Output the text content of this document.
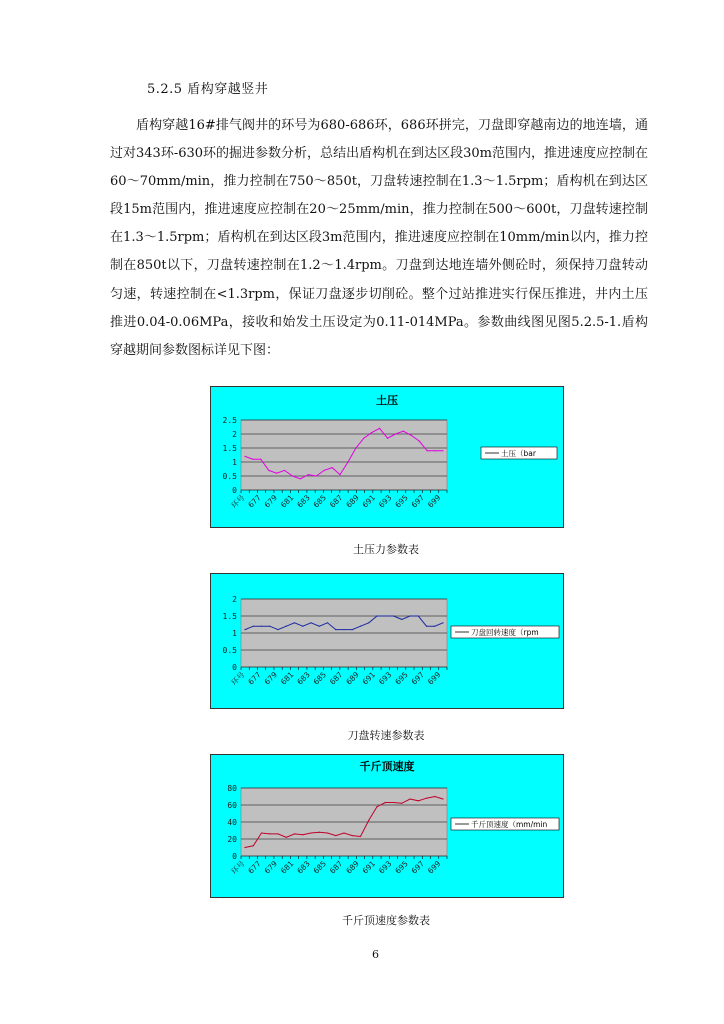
5.2.5 盾构穿越竖井

盾构穿越16#排气阀井的环号为680-686环，686环拼完，刀盘即穿越南边的地连墙，通过对343环-630环的掘进参数分析，总结出盾构机在到达区段30m范围内，推进速度应控制在60～70mm/min，推力控制在750～850t，刀盘转速控制在1.3～1.5rpm；盾构机在到达区段15m范围内，推进速度应控制在20～25mm/min，推力控制在500～600t，刀盘转速控制在1.3～1.5rpm；盾构机在到达区段3m范围内，推进速度应控制在10mm/min以内，推力控制在850t以下，刀盘转速控制在1.2～1.4rpm。刀盘到达地连墙外侧砼时，须保持刀盘转动匀速，转速控制在<1.3rpm，保证刀盘逐步切削砼。整个过站推进实行保压推进，井内土压推进0.04-0.06MPa，接收和始发土压设定为0.11-014MPa。参数曲线图见图5.2.5-1.盾构穿越期间参数图标详见下图：

土压
0
0.5
1
1.5
2
2.5
环号 677 679 681 683 685 687 689 691 693 695 697 699
土压（bar
土压力参数表
0
0.5
1
1.5
2
环号 677 679 681 683 685 687 689 691 693 695 697 699
刀盘回转速度（rpm
刀盘转速参数表
千斤顶速度
0
20
40
60
80
环号 677 679 681 683 685 687 689 691 693 695 697 699
千斤顶速度（mm/min
千斤顶速度参数表
6
